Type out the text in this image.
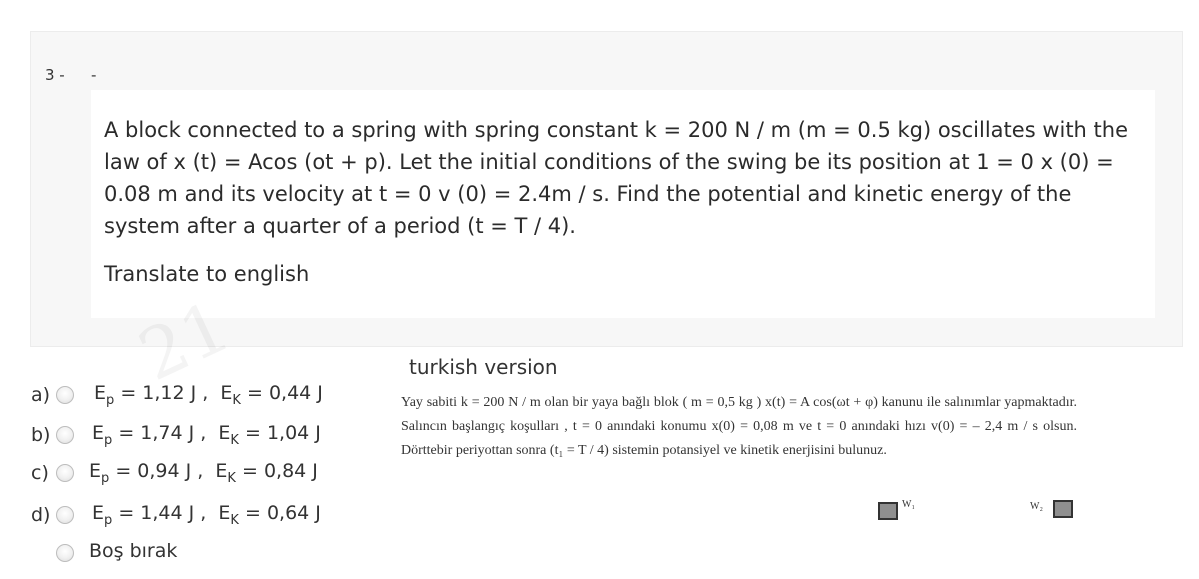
3 - -
A block connected to a spring with spring constant k = 200 N / m (m = 0.5 kg) oscillates with the law of x (t) = Acos (ot + p). Let the initial conditions of the swing be its position at 1 = 0 x (0) = 0.08 m and its velocity at t = 0 v (0) = 2.4m / s. Find the potential and kinetic energy of the system after a quarter of a period (t = T / 4).
Translate to english
a) $E_p = 1,12$ J , $E_K = 0,44$ J
b) $E_p = 1,74$ J , $E_K = 1,04$ J
c) $E_p = 0,94$ J , $E_K = 0,84$ J
d) $E_p = 1,44$ J , $E_K = 0,64$ J
Boş bırak
turkish version
Yay sabiti k = 200 N / m olan bir yaya bağlı blok ( m = 0,5 kg ) x(t) = A cos(ωt + φ) kanunu ile salınımlar yapmaktadır. Salıncın başlangıç koşulları , t = 0 anındaki konumu x(0) = 0,08 m ve t = 0 anındaki hızı v(0) = – 2,4 m / s olsun. Dörttebir periyottan sonra (t₁ = T / 4) sistemin potansiyel ve kinetik enerjisini bulunuz.
W₁	W₂
